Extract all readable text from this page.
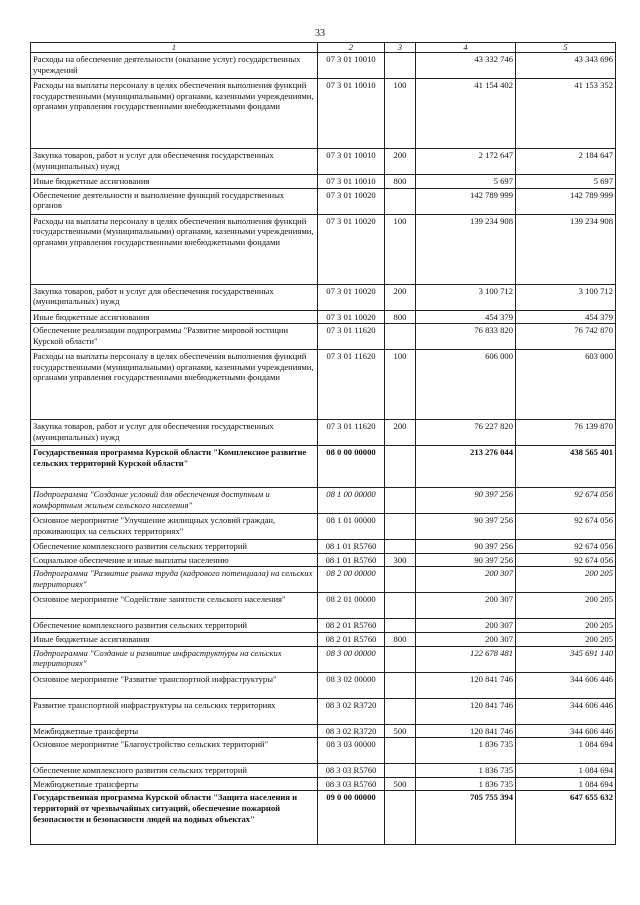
33
1	2	3	4	5
Расходы на обеспечение деятельности (оказание услуг) государственных учреждений	07 3 01 10010		43 332 746	43 343 696
Расходы на выплаты персоналу в целях обеспечения выполнения функций государственными (муниципальными) органами, казенными учреждениями, органами управления государственными внебюджетными фондами	07 3 01 10010	100	41 154 402	41 153 352
Закупка товаров, работ и услуг для обеспечения государственных (муниципальных) нужд	07 3 01 10010	200	2 172 647	2 184 647
Иные бюджетные ассигнования	07 3 01 10010	800	5 697	5 697
Обеспечение деятельности и выполнение функций государственных органов	07 3 01 10020		142 789 999	142 789 999
Расходы на выплаты персоналу в целях обеспечения выполнения функций государственными (муниципальными) органами, казенными учреждениями, органами управления государственными внебюджетными фондами	07 3 01 10020	100	139 234 908	139 234 908
Закупка товаров, работ и услуг для обеспечения государственных (муниципальных) нужд	07 3 01 10020	200	3 100 712	3 100 712
Иные бюджетные ассигнования	07 3 01 10020	800	454 379	454 379
Обеспечение реализации подпрограммы "Развитие мировой юстиции Курской области"	07 3 01 11620		76 833 820	76 742 870
Расходы на выплаты персоналу в целях обеспечения выполнения функций государственными (муниципальными) органами, казенными учреждениями, органами управления государственными внебюджетными фондами	07 3 01 11620	100	606 000	603 000
Закупка товаров, работ и услуг для обеспечения государственных (муниципальных) нужд	07 3 01 11620	200	76 227 820	76 139 870
Государственная программа Курской области "Комплексное развитие сельских территорий Курской области"	08 0 00 00000		213 276 044	438 565 401
Подпрограмма "Создание условий для обеспечения доступным и комфортным жильем сельского населения"	08 1 00 00000		90 397 256	92 674 056
Основное мероприятие "Улучшение жилищных условий граждан, проживающих на сельских территориях"	08 1 01 00000		90 397 256	92 674 056
Обеспечение комплексного развития сельских территорий	08 1 01 R5760		90 397 256	92 674 056
Социальное обеспечение и иные выплаты населению	08 1 01 R5760	300	90 397 256	92 674 056
Подпрограмма "Развитие рынка труда (кадрового потенциала) на сельских территориях"	08 2 00 00000		200 307	200 205
Основное мероприятие "Содействие занятости сельского населения"	08 2 01 00000		200 307	200 205
Обеспечение комплексного развития сельских территорий	08 2 01 R5760		200 307	200 205
Иные бюджетные ассигнования	08 2 01 R5760	800	200 307	200 205
Подпрограмма "Создание и развитие инфраструктуры на сельских территориях"	08 3 00 00000		122 678 481	345 691 140
Основное мероприятие "Развитие транспортной инфраструктуры"	08 3 02 00000		120 841 746	344 606 446
Развитие транспортной инфраструктуры на сельских территориях	08 3 02 R3720		120 841 746	344 606 446
Межбюджетные трансферты	08 3 02 R3720	500	120 841 746	344 606 446
Основное мероприятие "Благоустройство сельских территорий"	08 3 03 00000		1 836 735	1 084 694
Обеспечение комплексного развития сельских территорий	08 3 03 R5760		1 836 735	1 084 694
Межбюджетные трансферты	08 3 03 R5760	500	1 836 735	1 084 694
Государственная программа Курской области "Защита населения и территорий от чрезвычайных ситуаций, обеспечение пожарной безопасности и безопасности людей на водных объектах"	09 0 00 00000		705 755 394	647 655 632
